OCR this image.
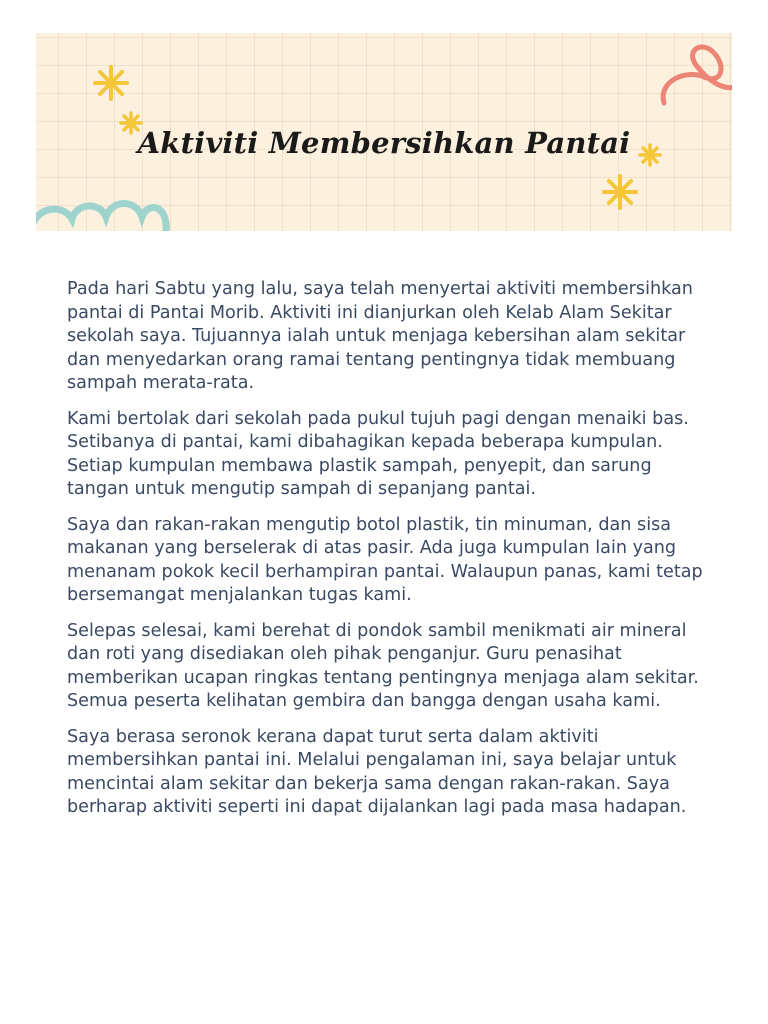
Aktiviti Membersihkan Pantai

Pada hari Sabtu yang lalu, saya telah menyertai aktiviti membersihkan pantai di Pantai Morib. Aktiviti ini dianjurkan oleh Kelab Alam Sekitar sekolah saya. Tujuannya ialah untuk menjaga kebersihan alam sekitar dan menyedarkan orang ramai tentang pentingnya tidak membuang sampah merata-rata.

Kami bertolak dari sekolah pada pukul tujuh pagi dengan menaiki bas. Setibanya di pantai, kami dibahagikan kepada beberapa kumpulan. Setiap kumpulan membawa plastik sampah, penyepit, dan sarung tangan untuk mengutip sampah di sepanjang pantai.

Saya dan rakan-rakan mengutip botol plastik, tin minuman, dan sisa makanan yang berselerak di atas pasir. Ada juga kumpulan lain yang menanam pokok kecil berhampiran pantai. Walaupun panas, kami tetap bersemangat menjalankan tugas kami.

Selepas selesai, kami berehat di pondok sambil menikmati air mineral dan roti yang disediakan oleh pihak penganjur. Guru penasihat memberikan ucapan ringkas tentang pentingnya menjaga alam sekitar. Semua peserta kelihatan gembira dan bangga dengan usaha kami.

Saya berasa seronok kerana dapat turut serta dalam aktiviti membersihkan pantai ini. Melalui pengalaman ini, saya belajar untuk mencintai alam sekitar dan bekerja sama dengan rakan-rakan. Saya berharap aktiviti seperti ini dapat dijalankan lagi pada masa hadapan.
